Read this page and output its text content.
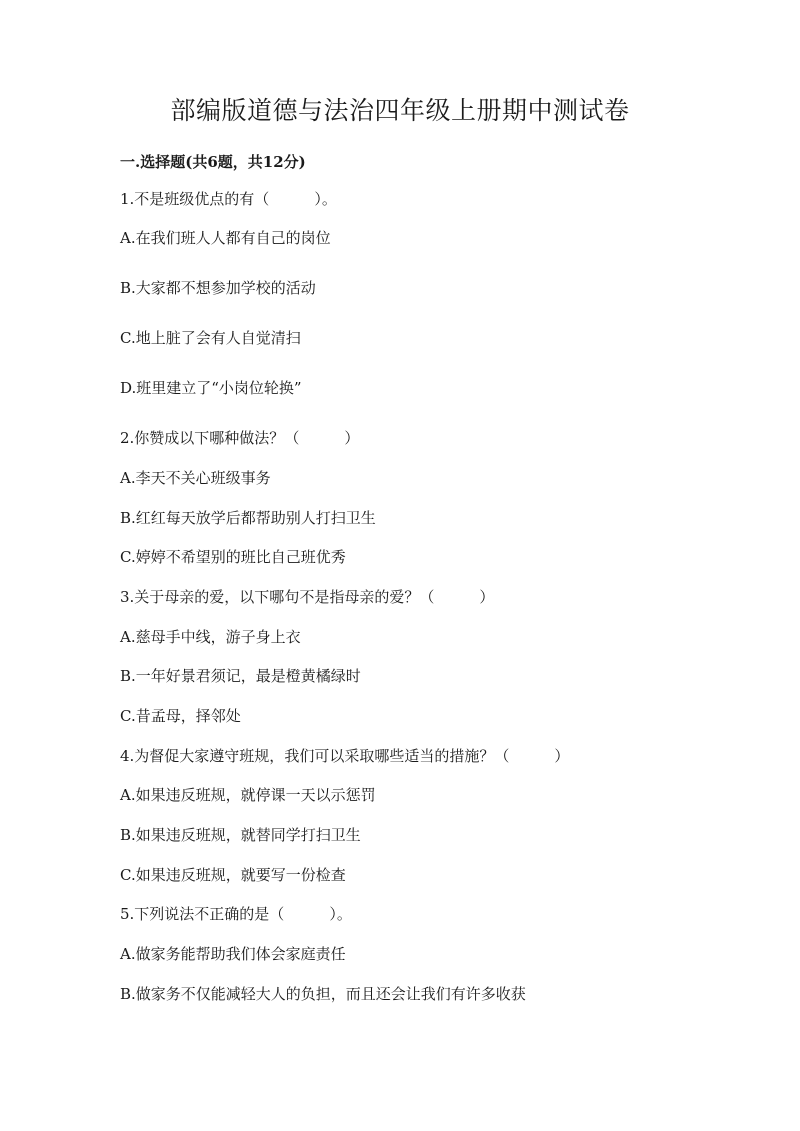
部编版道德与法治四年级上册期中测试卷

一.选择题(共6题，共12分)

1.不是班级优点的有（　　　）。

A.在我们班人人都有自己的岗位

B.大家都不想参加学校的活动

C.地上脏了会有人自觉清扫

D.班里建立了“小岗位轮换”

2.你赞成以下哪种做法？（　　　）

A.李天不关心班级事务

B.红红每天放学后都帮助别人打扫卫生

C.婷婷不希望别的班比自己班优秀

3.关于母亲的爱，以下哪句不是指母亲的爱？（　　　）

A.慈母手中线，游子身上衣

B.一年好景君须记，最是橙黄橘绿时

C.昔孟母，择邻处

4.为督促大家遵守班规，我们可以采取哪些适当的措施？（　　　）

A.如果违反班规，就停课一天以示惩罚

B.如果违反班规，就替同学打扫卫生

C.如果违反班规，就要写一份检查

5.下列说法不正确的是（　　　）。

A.做家务能帮助我们体会家庭责任

B.做家务不仅能减轻大人的负担，而且还会让我们有许多收获
